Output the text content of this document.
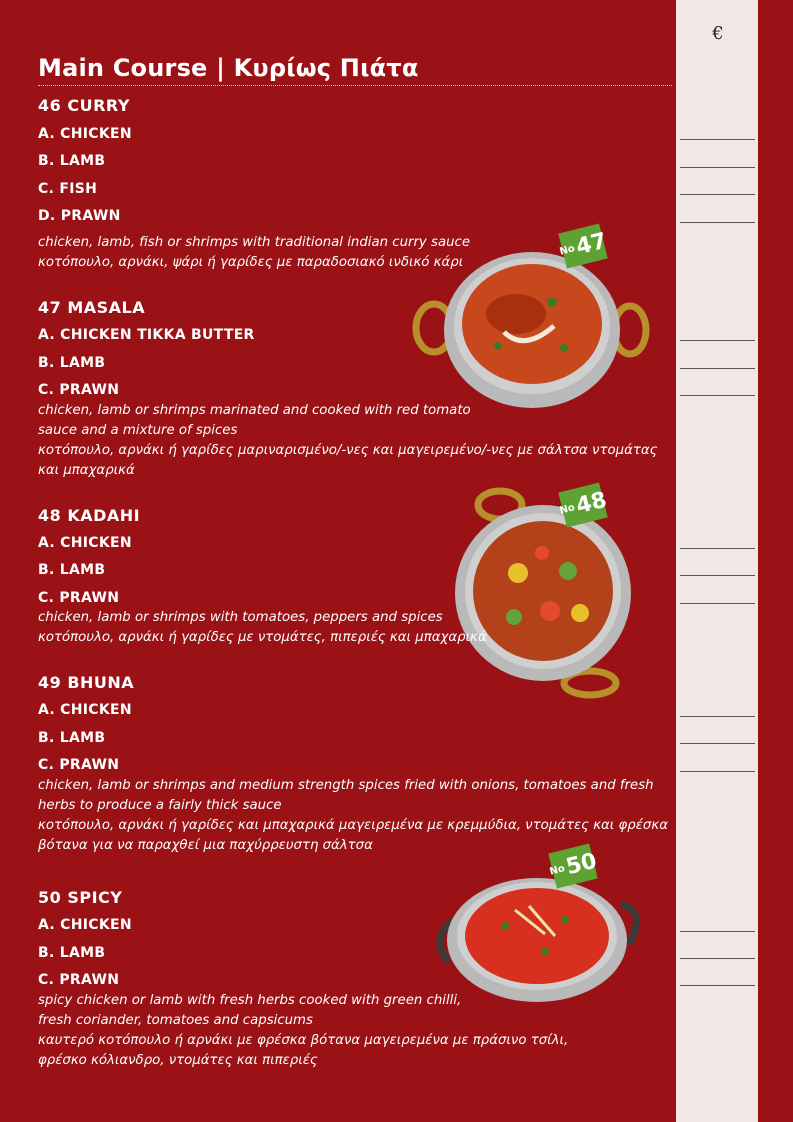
€
Main Course | Κυρίως Πιάτα
No
47
No
48
No
50
46 CURRY
A. CHICKEN
B. LAMB
C. FISH
D. PRAWN
chicken, lamb, fish or shrimps with traditional indian curry sauce
κοτόπουλο, αρνάκι, ψάρι ή γαρίδες με παραδοσιακό ινδικό κάρι
47 MASALA
A. CHICKEN TIKKA BUTTER
B. LAMB
C. PRAWN
chicken, lamb or shrimps marinated and cooked with red tomato
sauce and a mixture of spices
κοτόπουλο, αρνάκι ή γαρίδες μαριναρισμένο/-νες και μαγειρεμένο/-νες με σάλτσα ντομάτας
και μπαχαρικά
48 KADAHI
A. CHICKEN
B. LAMB
C. PRAWN
chicken, lamb or shrimps with tomatoes, peppers and spices
κοτόπουλο, αρνάκι ή γαρίδες με ντομάτες, πιπεριές και μπαχαρικά
49 BHUNA
A. CHICKEN
B. LAMB
C. PRAWN
chicken, lamb or shrimps and medium strength spices fried with onions, tomatoes and fresh
herbs to produce a fairly thick sauce
κοτόπουλο, αρνάκι ή γαρίδες και μπαχαρικά μαγειρεμένα με κρεμμύδια, ντομάτες και φρέσκα
βότανα για να παραχθεί μια παχύρρευστη σάλτσα
50 SPICY
A. CHICKEN
B. LAMB
C. PRAWN
spicy chicken or lamb with fresh herbs cooked with green chilli,
fresh coriander, tomatoes and capsicums
καυτερό κοτόπουλο ή αρνάκι με φρέσκα βότανα μαγειρεμένα με πράσινο τσίλι,
φρέσκο κόλιανδρο, ντομάτες και πιπεριές
